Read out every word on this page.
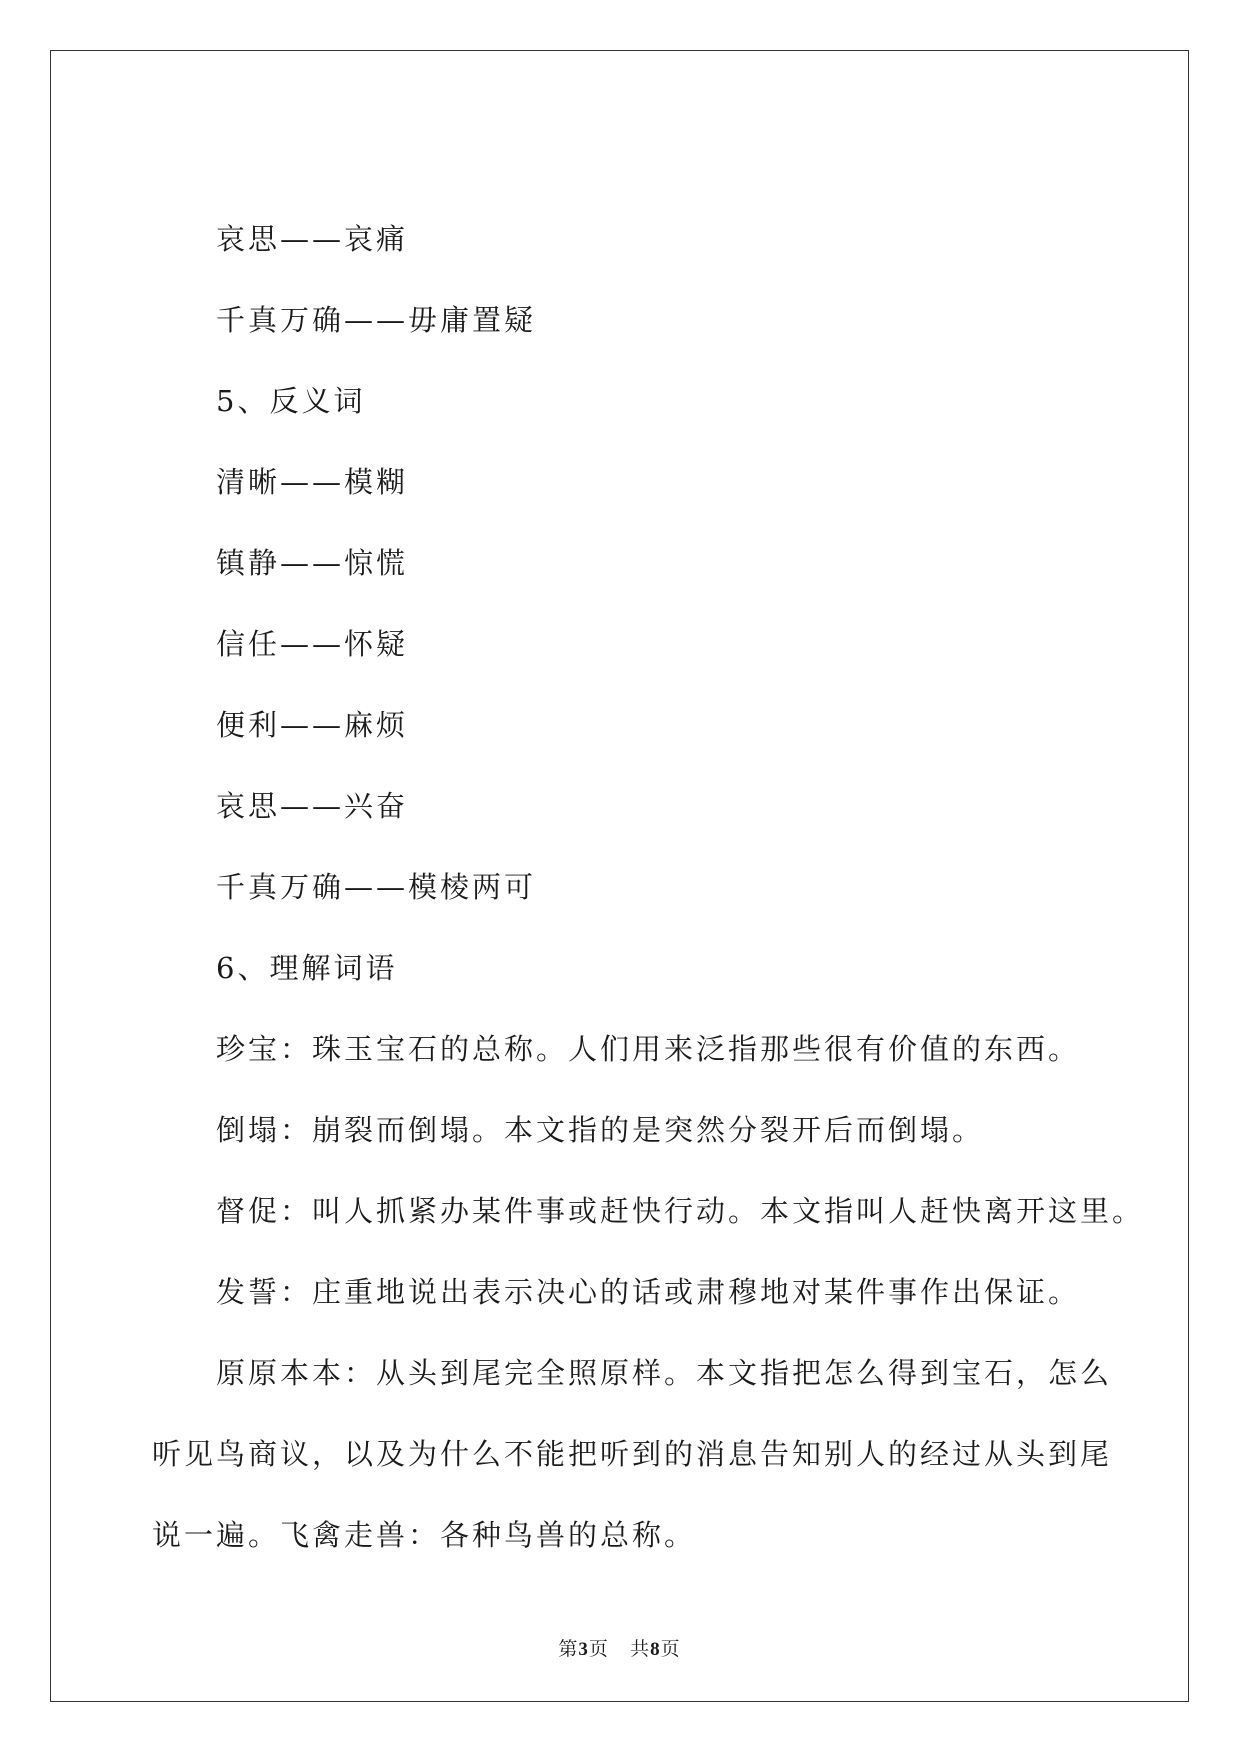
哀思——哀痛
千真万确——毋庸置疑
5、反义词
清晰——模糊
镇静——惊慌
信任——怀疑
便利——麻烦
哀思——兴奋
千真万确——模棱两可
6、理解词语
珍宝：珠玉宝石的总称。人们用来泛指那些很有价值的东西。
倒塌：崩裂而倒塌。本文指的是突然分裂开后而倒塌。
督促：叫人抓紧办某件事或赶快行动。本文指叫人赶快离开这里。
发誓：庄重地说出表示决心的话或肃穆地对某件事作出保证。
原原本本：从头到尾完全照原样。本文指把怎么得到宝石，怎么
听见鸟商议，以及为什么不能把听到的消息告知别人的经过从头到尾
说一遍。飞禽走兽：各种鸟兽的总称。
第3页 共8页
